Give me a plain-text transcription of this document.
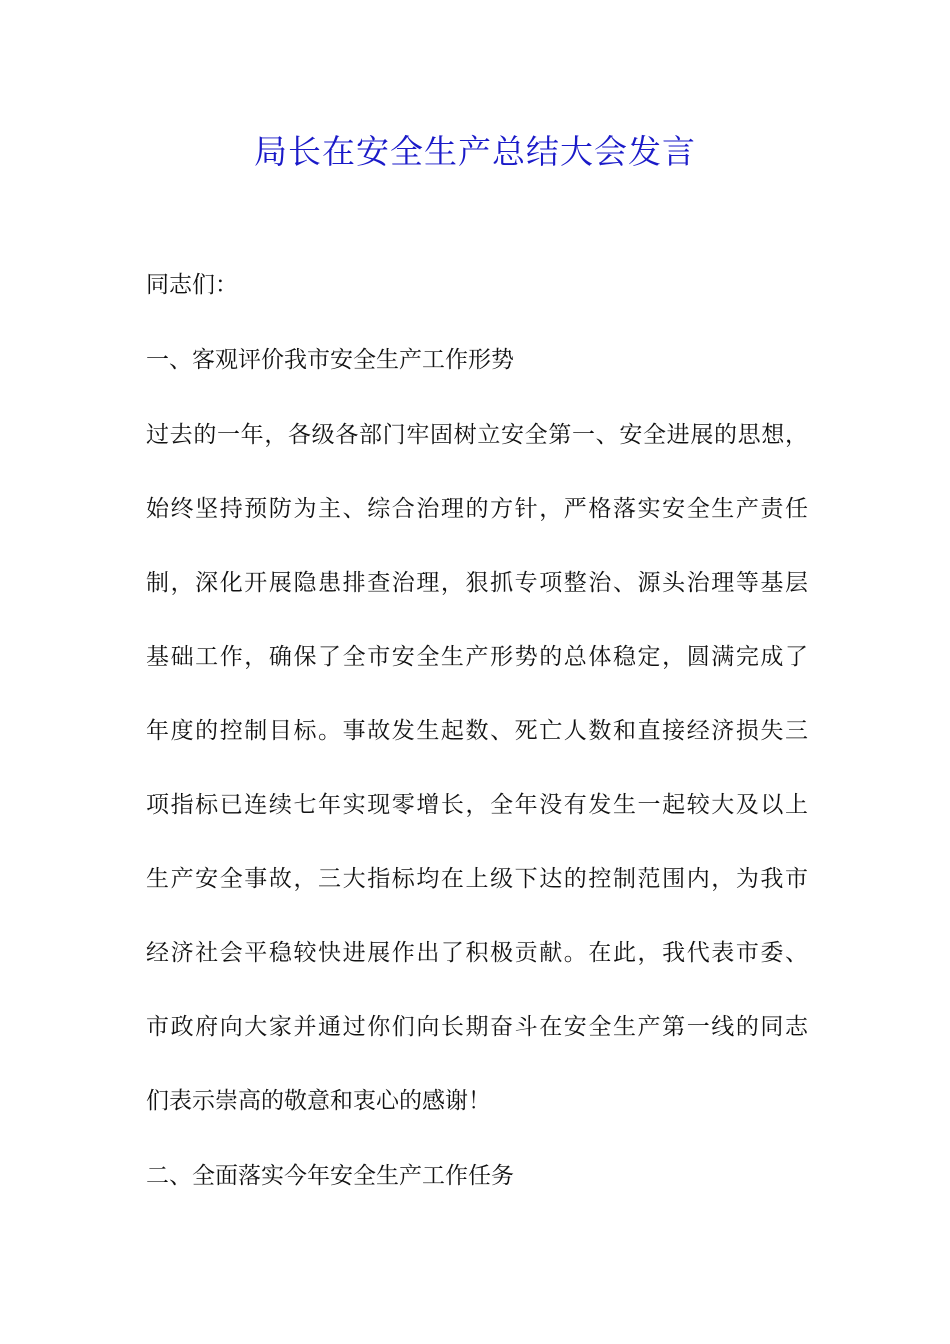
局长在安全生产总结大会发言
同志们：
一、客观评价我市安全生产工作形势
过去的一年，各级各部门牢固树立安全第一、安全进展的思想，
始终坚持预防为主、综合治理的方针，严格落实安全生产责任
制，深化开展隐患排查治理，狠抓专项整治、源头治理等基层
基础工作，确保了全市安全生产形势的总体稳定，圆满完成了
年度的控制目标。事故发生起数、死亡人数和直接经济损失三
项指标已连续七年实现零增长，全年没有发生一起较大及以上
生产安全事故，三大指标均在上级下达的控制范围内，为我市
经济社会平稳较快进展作出了积极贡献。在此，我代表市委、
市政府向大家并通过你们向长期奋斗在安全生产第一线的同志
们表示崇高的敬意和衷心的感谢！
二、全面落实今年安全生产工作任务
